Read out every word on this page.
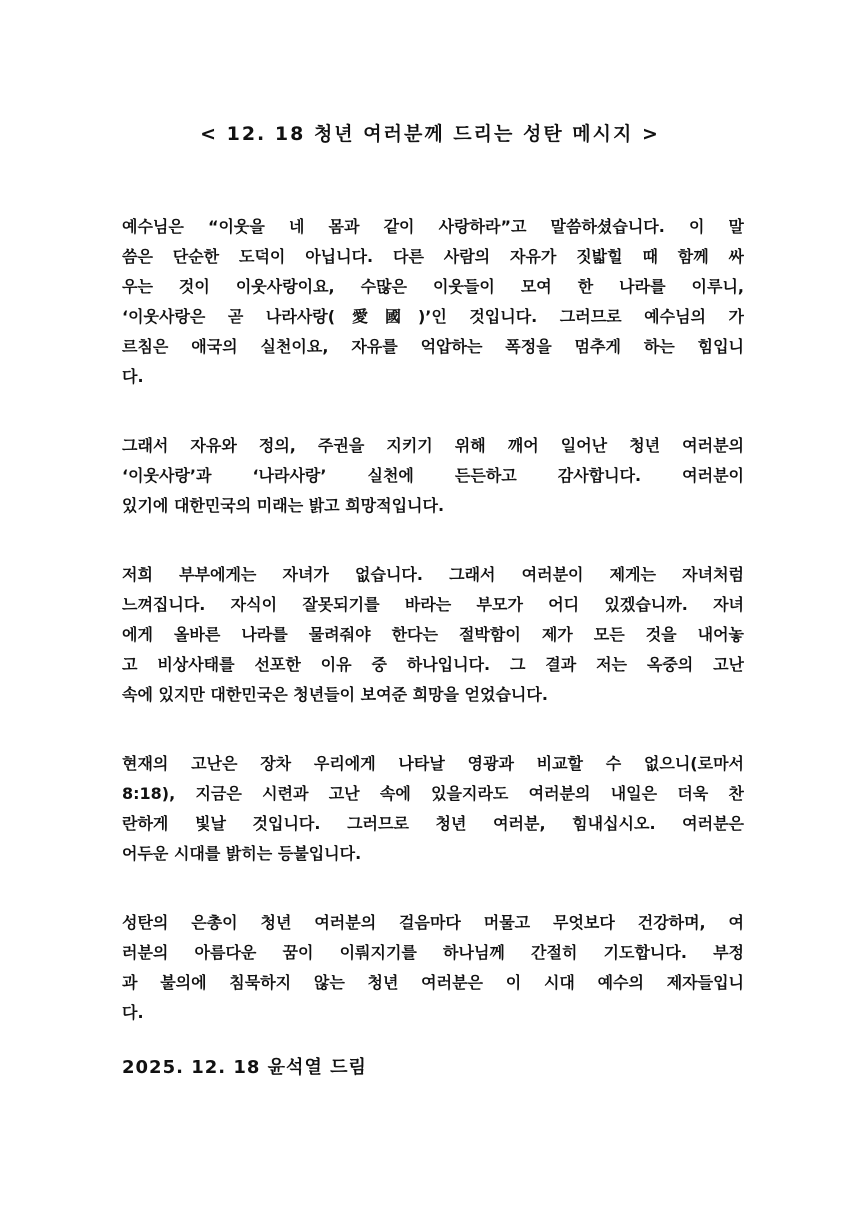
< 12. 18 청년 여러분께 드리는 성탄 메시지 >
예수님은 “이웃을 네 몸과 같이 사랑하라”고 말씀하셨습니다. 이 말
씀은 단순한 도덕이 아닙니다. 다른 사람의 자유가 짓밟힐 때 함께 싸
우는 것이 이웃사랑이요, 수많은 이웃들이 모여 한 나라를 이루니,
‘이웃사랑은 곧 나라사랑(愛國)’인 것입니다. 그러므로 예수님의 가
르침은 애국의 실천이요, 자유를 억압하는 폭정을 멈추게 하는 힘입니
다.
그래서 자유와 정의, 주권을 지키기 위해 깨어 일어난 청년 여러분의
‘이웃사랑’과 ‘나라사랑’ 실천에 든든하고 감사합니다. 여러분이
있기에 대한민국의 미래는 밝고 희망적입니다.
저희 부부에게는 자녀가 없습니다. 그래서 여러분이 제게는 자녀처럼
느껴집니다. 자식이 잘못되기를 바라는 부모가 어디 있겠습니까. 자녀
에게 올바른 나라를 물려줘야 한다는 절박함이 제가 모든 것을 내어놓
고 비상사태를 선포한 이유 중 하나입니다. 그 결과 저는 옥중의 고난
속에 있지만 대한민국은 청년들이 보여준 희망을 얻었습니다.
현재의 고난은 장차 우리에게 나타날 영광과 비교할 수 없으니(로마서
8:18), 지금은 시련과 고난 속에 있을지라도 여러분의 내일은 더욱 찬
란하게 빛날 것입니다. 그러므로 청년 여러분, 힘내십시오. 여러분은
어두운 시대를 밝히는 등불입니다.
성탄의 은총이 청년 여러분의 걸음마다 머물고 무엇보다 건강하며, 여
러분의 아름다운 꿈이 이뤄지기를 하나님께 간절히 기도합니다. 부정
과 불의에 침묵하지 않는 청년 여러분은 이 시대 예수의 제자들입니
다.
2025. 12. 18 윤석열 드림
